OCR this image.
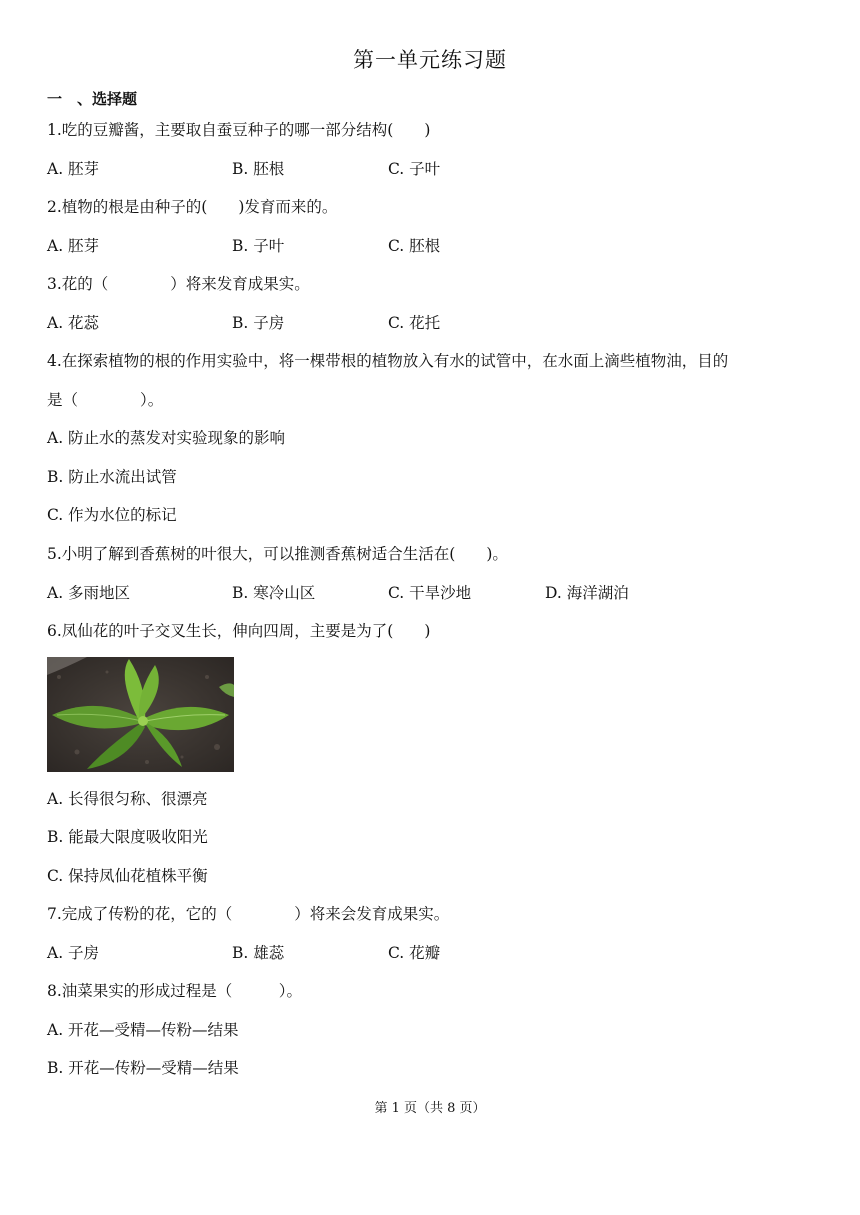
第一单元练习题
一　、选择题
1.吃的豆瓣酱，主要取自蚕豆种子的哪一部分结构(　　)
A. 胚芽	B. 胚根	C. 子叶
2.植物的根是由种子的(　　)发育而来的。
A. 胚芽	B. 子叶	C. 胚根
3.花的（　　　　）将来发育成果实。
A. 花蕊	B. 子房	C. 花托
4.在探索植物的根的作用实验中，将一棵带根的植物放入有水的试管中，在水面上滴些植物油，目的
是（　　　　）。
A. 防止水的蒸发对实验现象的影响
B. 防止水流出试管
C. 作为水位的标记
5.小明了解到香蕉树的叶很大，可以推测香蕉树适合生活在(　　)。
A. 多雨地区	B. 寒冷山区	C. 干旱沙地	D. 海洋湖泊
6.凤仙花的叶子交叉生长，伸向四周，主要是为了(　　)
A. 长得很匀称、很漂亮
B. 能最大限度吸收阳光
C. 保持凤仙花植株平衡
7.完成了传粉的花，它的（　　　　）将来会发育成果实。
A. 子房	B. 雄蕊	C. 花瓣
8.油菜果实的形成过程是（　　　）。
A. 开花—受精—传粉—结果
B. 开花—传粉—受精—结果
第 1 页（共 8 页）
